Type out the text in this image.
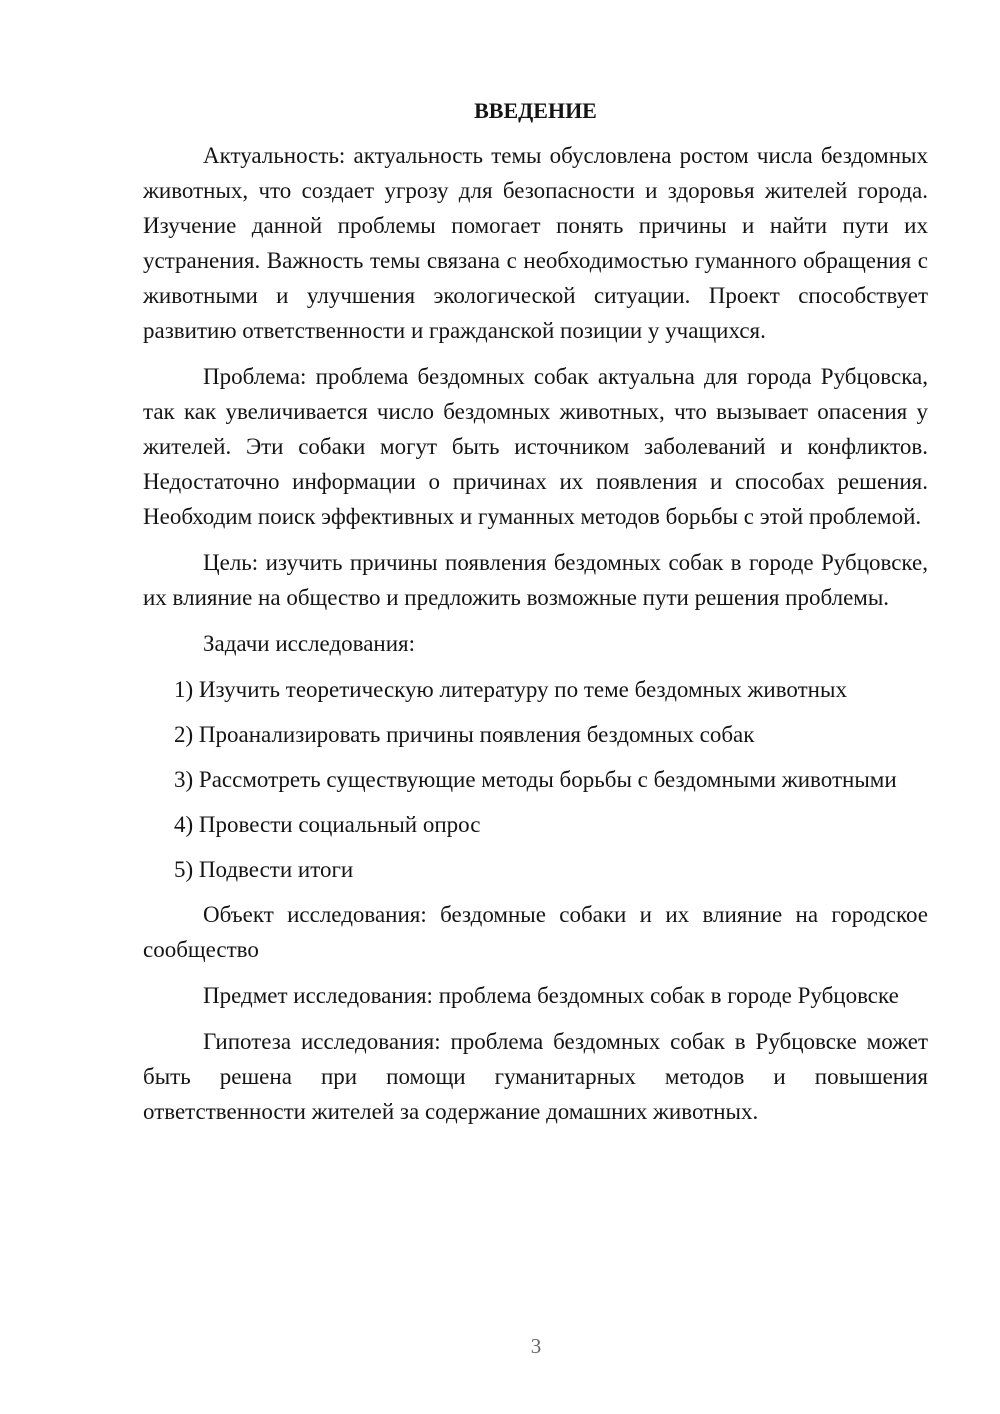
ВВЕДЕНИЕ

Актуальность: актуальность темы обусловлена ростом числа бездомных животных, что создает угрозу для безопасности и здоровья жителей города. Изучение данной проблемы помогает понять причины и найти пути их устранения. Важность темы связана с необходимостью гуманного обращения с животными и улучшения экологической ситуации. Проект способствует развитию ответственности и гражданской позиции у учащихся.

Проблема: проблема бездомных собак актуальна для города Рубцовска, так как увеличивается число бездомных животных, что вызывает опасения у жителей. Эти собаки могут быть источником заболеваний и конфликтов. Недостаточно информации о причинах их появления и способах решения. Необходим поиск эффективных и гуманных методов борьбы с этой проблемой.

Цель: изучить причины появления бездомных собак в городе Рубцовске, их влияние на общество и предложить возможные пути решения проблемы.

Задачи исследования:

1) Изучить теоретическую литературу по теме бездомных животных

2) Проанализировать причины появления бездомных собак

3) Рассмотреть существующие методы борьбы с бездомными животными

4) Провести социальный опрос

5) Подвести итоги

Объект исследования: бездомные собаки и их влияние на городское сообщество

Предмет исследования: проблема бездомных собак в городе Рубцовске

Гипотеза исследования: проблема бездомных собак в Рубцовске может быть решена при помощи гуманитарных методов и повышения ответственности жителей за содержание домашних животных.

3
